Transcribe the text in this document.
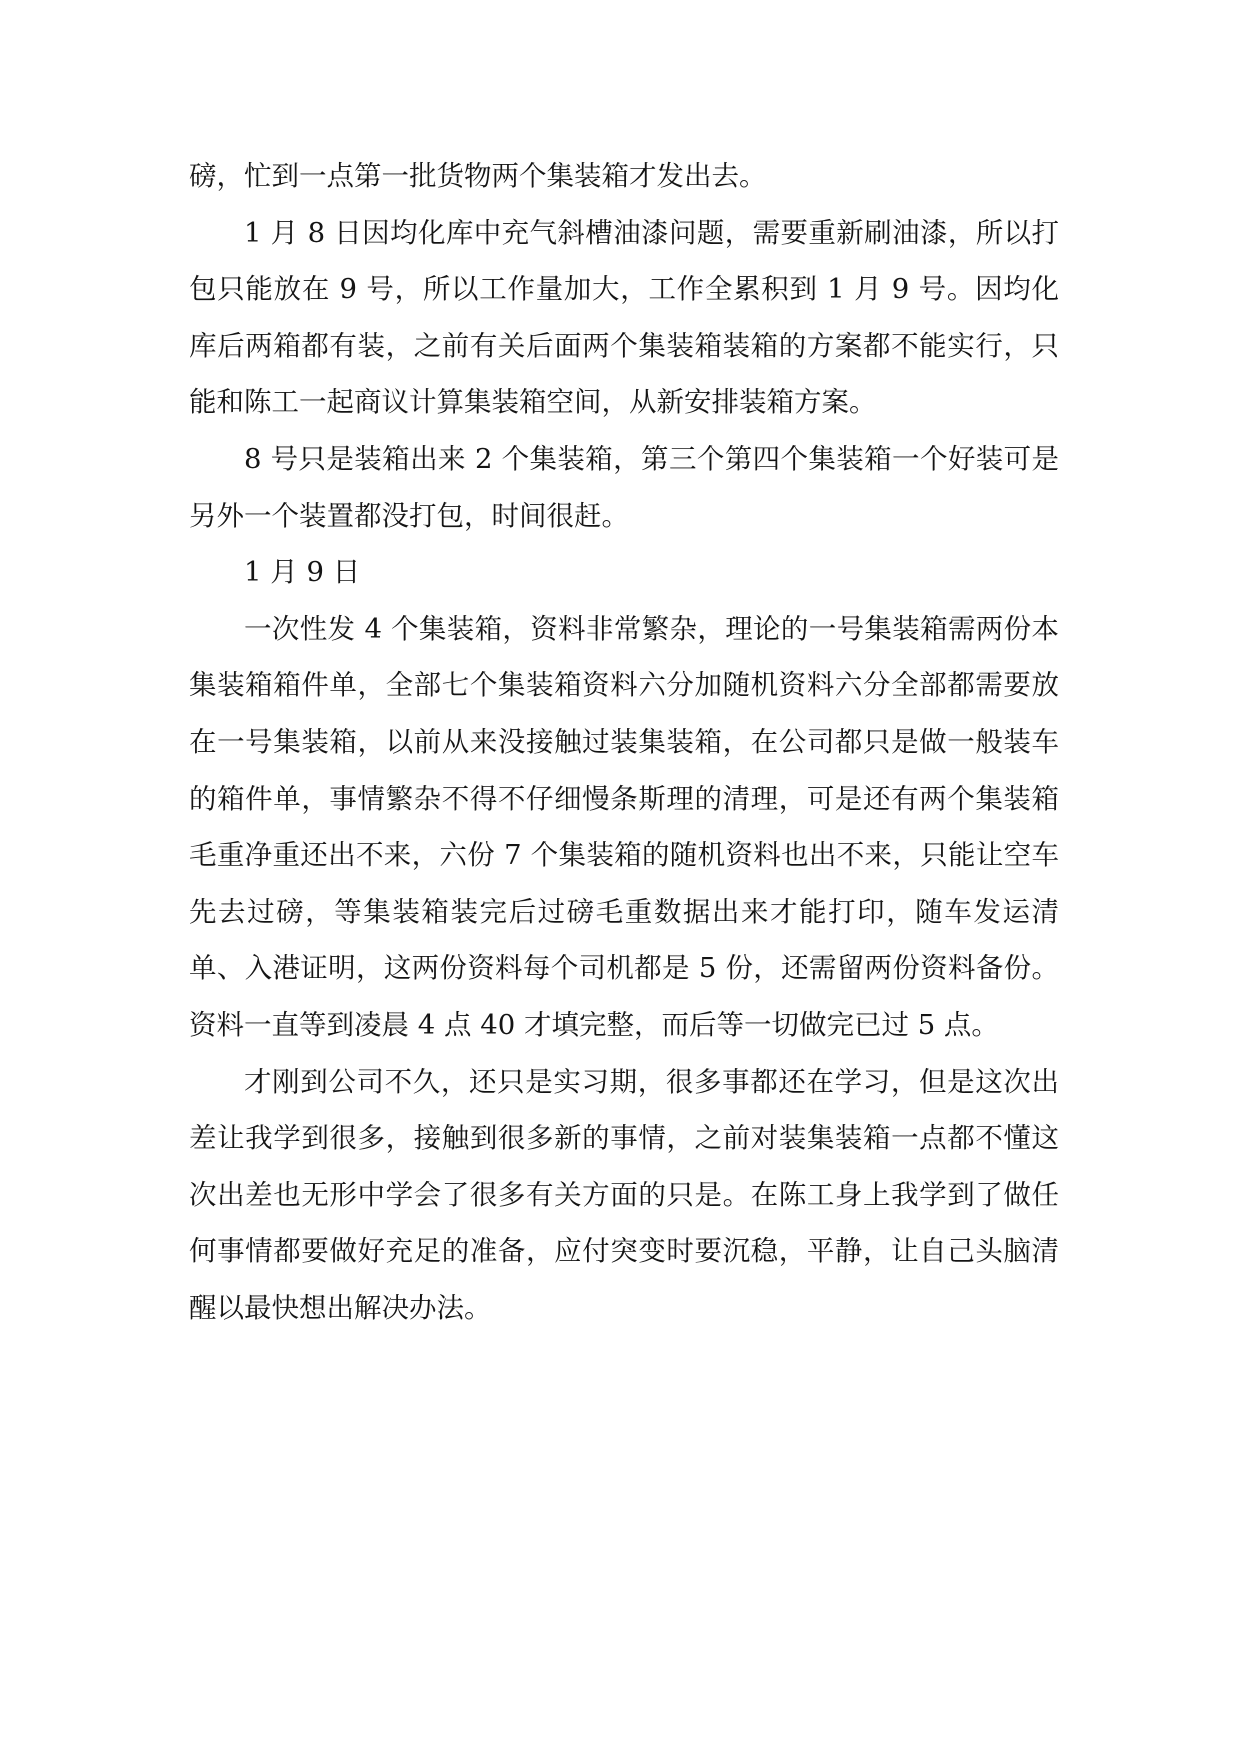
磅，忙到一点第一批货物两个集装箱才发出去。

1 月 8 日因均化库中充气斜槽油漆问题，需要重新刷油漆，所以打包只能放在 9 号，所以工作量加大，工作全累积到 1 月 9 号。因均化库后两箱都有装，之前有关后面两个集装箱装箱的方案都不能实行，只能和陈工一起商议计算集装箱空间，从新安排装箱方案。

8 号只是装箱出来 2 个集装箱，第三个第四个集装箱一个好装可是另外一个装置都没打包，时间很赶。

1 月 9 日

一次性发 4 个集装箱，资料非常繁杂，理论的一号集装箱需两份本集装箱箱件单，全部七个集装箱资料六分加随机资料六分全部都需要放在一号集装箱，以前从来没接触过装集装箱，在公司都只是做一般装车的箱件单，事情繁杂不得不仔细慢条斯理的清理，可是还有两个集装箱毛重净重还出不来，六份 7 个集装箱的随机资料也出不来，只能让空车先去过磅，等集装箱装完后过磅毛重数据出来才能打印，随车发运清单、入港证明，这两份资料每个司机都是 5 份，还需留两份资料备份。资料一直等到凌晨 4 点 40 才填完整，而后等一切做完已过 5 点。

才刚到公司不久，还只是实习期，很多事都还在学习，但是这次出差让我学到很多，接触到很多新的事情，之前对装集装箱一点都不懂这次出差也无形中学会了很多有关方面的只是。在陈工身上我学到了做任何事情都要做好充足的准备，应付突变时要沉稳，平静，让自己头脑清醒以最快想出解决办法。
